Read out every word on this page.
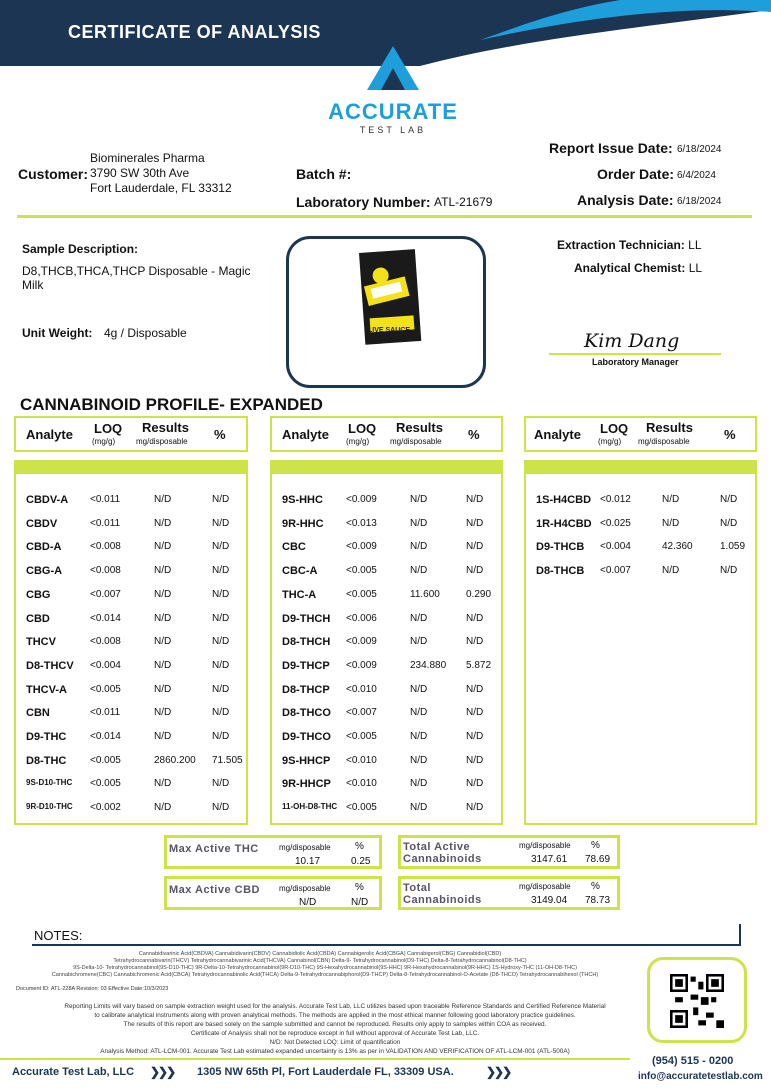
CERTIFICATE OF ANALYSIS
ACCURATE
TEST LAB
Customer:
Biominerales Pharma
3790 SW 30th Ave
Fort Lauderdale, FL 33312
Batch #:
Laboratory Number: ATL-21679
Report Issue Date: 6/18/2024
Order Date: 6/4/2024
Analysis Date: 6/18/2024
Sample Description:
D8,THCB,THCA,THCP Disposable - Magic
Milk
Unit Weight: 4g / Disposable	LIVE SAUCE
Extraction Technician: LL
Analytical Chemist: LL
Kim Dang
Laboratory Manager
CANNABINOID PROFILE- EXPANDED
Analyte LOQ
(mg/g)
Results
mg/disposable %	Analyte LOQ
(mg/g)
Results
mg/disposable %	Analyte LOQ
(mg/g)
Results
mg/disposable	%
CBDV-A <0.011	N/D	N/D
CBDV	<0.011	N/D	N/D
CBD-A	<0.008	N/D	N/D
CBG-A	<0.008	N/D	N/D
CBG	<0.007	N/D	N/D
CBD	<0.014	N/D	N/D
THCV	<0.008	N/D	N/D
D8-THCV <0.004	N/D	N/D
THCV-A <0.005	N/D	N/D
CBN	<0.011	N/D	N/D
D9-THC <0.014	N/D	N/D
D8-THC <0.005	2860.200 71.505
9S-D10-THC <0.005	N/D	N/D
9R-D10-THC <0.002	N/D	N/D
9S-HHC <0.009	N/D	N/D
9R-HHC <0.013	N/D	N/D
CBC	<0.009	N/D	N/D
CBC-A	<0.005	N/D	N/D
THC-A	<0.005	11.600	0.290
D9-THCH <0.006	N/D	N/D
D8-THCH <0.009	N/D	N/D
D9-THCP <0.009	234.880 5.872
D8-THCP <0.010	N/D	N/D
D8-THCO <0.007	N/D	N/D
D9-THCO <0.005	N/D	N/D
9S-HHCP <0.010	N/D	N/D
9R-HHCP <0.010	N/D	N/D
11-OH-D8-THC <0.005	N/D	N/D
1S-H4CBD <0.012	N/D	N/D
1R-H4CBD <0.025	N/D	N/D
D9-THCB <0.004	42.360	1.059
D8-THCB <0.007	N/D	N/D
Max Active THC	mg/disposable %
10.17	0.25
Max Active CBD mg/disposable %
N/D	N/D
Total Active
Cannabinoids
mg/disposable %
3147.61 78.69
Total
Cannabinoids
mg/disposable %
3149.04 78.73
NOTES:
Cannabidivarinic Acid(CBDVA) Cannabidivarin(CBDV) Cannabidiolic Acid(CBDA) Cannabigerolic Acid(CBGA) Cannabigerol(CBG) Cannabidiol(CBD)
Tetrahydrocannabivarin(THCV) Tetrahydrocannabivarinic Acid(THCVA) Cannabinol(CBN) Delta-9- Tetrahydrocannabinol(D9-THC) Delta-8-Tetrahydrocannabinol(D8-THC)
9S-Delta-10- Tetrahydrocannabinol(9S-D10-THC) 9R-Delta-10-Tetrahydrocannabinol(9R-D10-THC) 9S-Hexahydrocannabinol(9S-HHC) 9R-Hexahydrocannabinol(9R-HHC) 1S-Hydroxy-THC (11-OH-D8-THC)
Cannabichromene(CBC) Cannabichromenic Acid(CBCA) Tetrahydrocannabinolic Acid(THCA) Delta-9-Tetrahydrocannabiphorol(D9-THCP) Delta-8-Tetrahydrocannabinol-O-Acetate (D8-THCO) Tetrahydrocannabihexol (THCH)
Document ID: ATL-228A Revision: 03 Effective Date:10/3/2023
Reporting Limits will vary based on sample extraction weight used for the analysis. Accurate Test Lab, LLC utilizes based upon traceable Reference Standards and Certified Reference Material
to calibrate analytical instruments along with proven analytical methods. The methods are applied in the most ethical manner following good laboratory practice guidelines.
The results of this report are based solely on the sample submitted and cannot be reproduced. Results only apply to samples within COA as received.
Certificate of Analysis shall not be reproduce except in full without approval of Accurate Test Lab, LLC.
N/D: Not Detected LOQ: Limit of quantification
Analysis Method: ATL-LCM-001. Accurate Test Lab estimated expanded uncertainty is 13% as per in VALIDATION AND VERIFICATION OF ATL-LCM-001 (ATL-500A)
(954) 515 - 0200
info@accuratetestlab.com
Accurate Test Lab, LLC ❯❯❯ 1305 NW 65th Pl, Fort Lauderdale FL, 33309 USA.	❯❯❯
